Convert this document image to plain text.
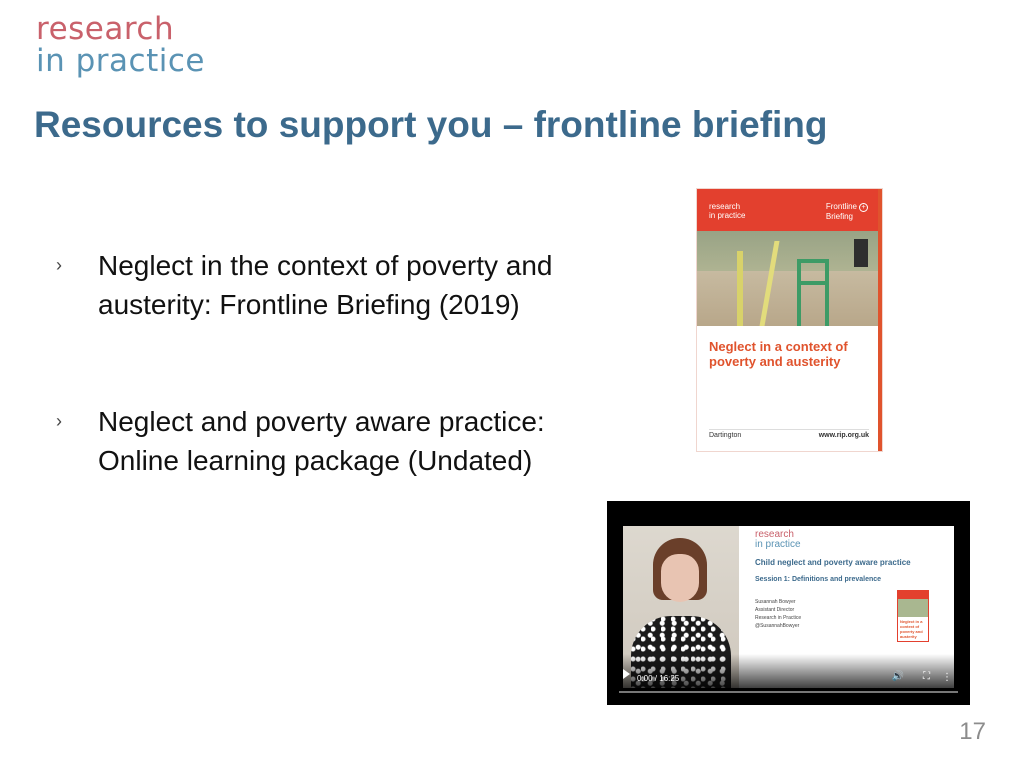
research
in practice
Resources to support you – frontline briefing
› Neglect in the context of poverty and austerity: Frontline Briefing (2019)
› Neglect and poverty aware practice: Online learning package (Undated)
research
in practice
Frontline +
Briefing
Neglect in a context of poverty and austerity
Dartington	www.rip.org.uk
research
in practice
Child neglect and poverty aware practice
Session 1: Definitions and prevalence
Susannah Bowyer
Assistant Director
Research in Practice
@SusannahBowyer
Neglect in a context of poverty and austerity
0:00 / 16:25	🔊 ⛶ ⋮
17
